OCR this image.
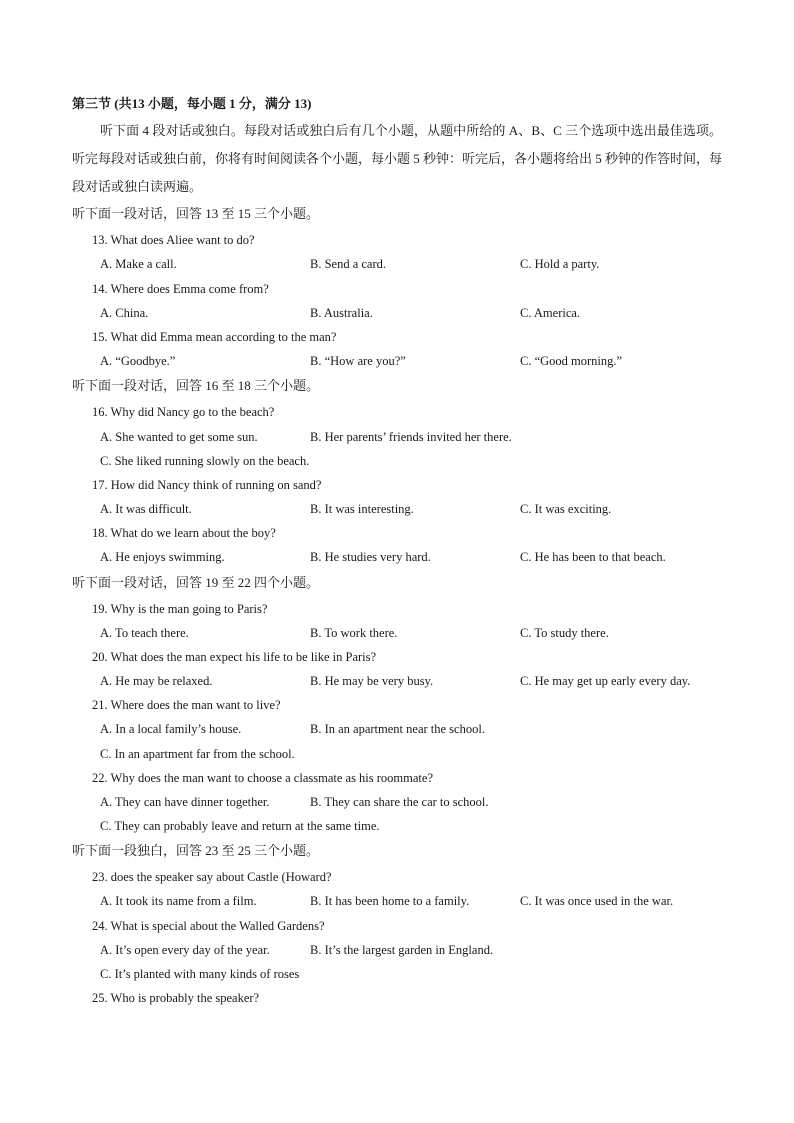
第三节 (共13 小题，每小题 1 分，满分 13)
听下面 4 段对话或独白。每段对话或独白后有几个小题，从题中所给的 A、B、C 三个选项中选出最佳选项。听完每段对话或独白前，你将有时间阅读各个小题，每小题 5 秒钟：听完后，各小题将给出 5 秒钟的作答时间，每段对话或独白读两遍。
听下面一段对话，回答 13 至 15 三个小题。
13. What does Aliee want to do?
A. Make a call.	B. Send a card.	C. Hold a party.
14. Where does Emma come from?
A. China.	B. Australia.	C. America.
15. What did Emma mean according to the man?
A. “Goodbye.”	B. “How are you?”	C. “Good morning.”
听下面一段对话，回答 16 至 18 三个小题。
16. Why did Nancy go to the beach?
A. She wanted to get some sun.	B. Her parents’ friends invited her there.
C. She liked running slowly on the beach.
17. How did Nancy think of running on sand?
A. It was difficult.	B. It was interesting.	C. It was exciting.
18. What do we learn about the boy?
A. He enjoys swimming.	B. He studies very hard.	C. He has been to that beach.
听下面一段对话，回答 19 至 22 四个小题。
19. Why is the man going to Paris?
A. To teach there.	B. To work there.	C. To study there.
20. What does the man expect his life to be like in Paris?
A. He may be relaxed.	B. He may be very busy.	C. He may get up early every day.
21. Where does the man want to live?
A. In a local family’s house.	B. In an apartment near the school.
C. In an apartment far from the school.
22. Why does the man want to choose a classmate as his roommate?
A. They can have dinner together.	B. They can share the car to school.
C. They can probably leave and return at the same time.
听下面一段独白，回答 23 至 25 三个小题。
23. does the speaker say about Castle (Howard?
A. It took its name from a film.	B. It has been home to a family.	C. It was once used in the war.
24. What is special about the Walled Gardens?
A. It’s open every day of the year.	B. It’s the largest garden in England.
C. It’s planted with many kinds of roses
25. Who is probably the speaker?
